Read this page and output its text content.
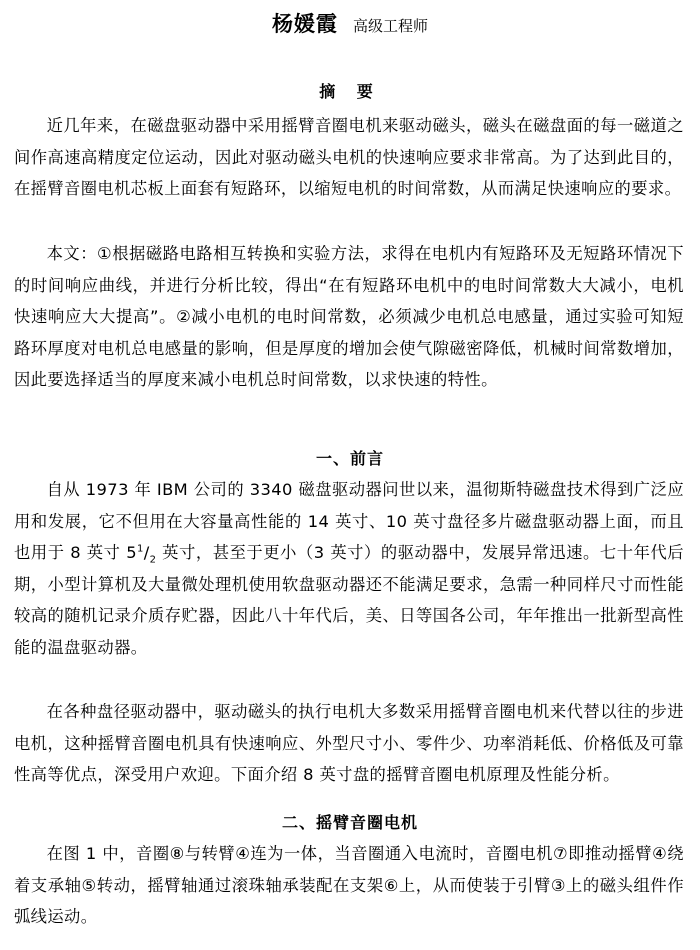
杨媛霞 高级工程师
摘 要

近几年来，在磁盘驱动器中采用摇臂音圈电机来驱动磁头，磁头在磁盘面的每一磁道之间作高速高精度定位运动，因此对驱动磁头电机的快速响应要求非常高。为了达到此目的，在摇臂音圈电机芯板上面套有短路环，以缩短电机的时间常数，从而满足快速响应的要求。

本文：①根据磁路电路相互转换和实验方法，求得在电机内有短路环及无短路环情况下的时间响应曲线，并进行分析比较，得出“在有短路环电机中的电时间常数大大减小，电机快速响应大大提高”。②减小电机的电时间常数，必须减少电机总电感量，通过实验可知短路环厚度对电机总电感量的影响，但是厚度的增加会使气隙磁密降低，机械时间常数增加，因此要选择适当的厚度来减小电机总时间常数，以求快速的特性。

一、前言

自从 1973 年 IBM 公司的 3340 磁盘驱动器问世以来，温彻斯特磁盘技术得到广泛应用和发展，它不但用在大容量高性能的 14 英寸、10 英寸盘径多片磁盘驱动器上面，而且也用于 8 英寸 $5^1/_2$ 英寸，甚至于更小（3 英寸）的驱动器中，发展异常迅速。七十年代后期，小型计算机及大量微处理机使用软盘驱动器还不能满足要求，急需一种同样尺寸而性能较高的随机记录介质存贮器，因此八十年代后，美、日等国各公司，年年推出一批新型高性能的温盘驱动器。

在各种盘径驱动器中，驱动磁头的执行电机大多数采用摇臂音圈电机来代替以往的步进电机，这种摇臂音圈电机具有快速响应、外型尺寸小、零件少、功率消耗低、价格低及可靠性高等优点，深受用户欢迎。下面介绍 8 英寸盘的摇臂音圈电机原理及性能分析。

二、摇臂音圈电机

在图 1 中，音圈⑧与转臂④连为一体，当音圈通入电流时，音圈电机⑦即推动摇臂④绕着支承轴⑤转动，摇臂轴通过滚珠轴承装配在支架⑥上，从而使装于引臂③上的磁头组件作弧线运动。
